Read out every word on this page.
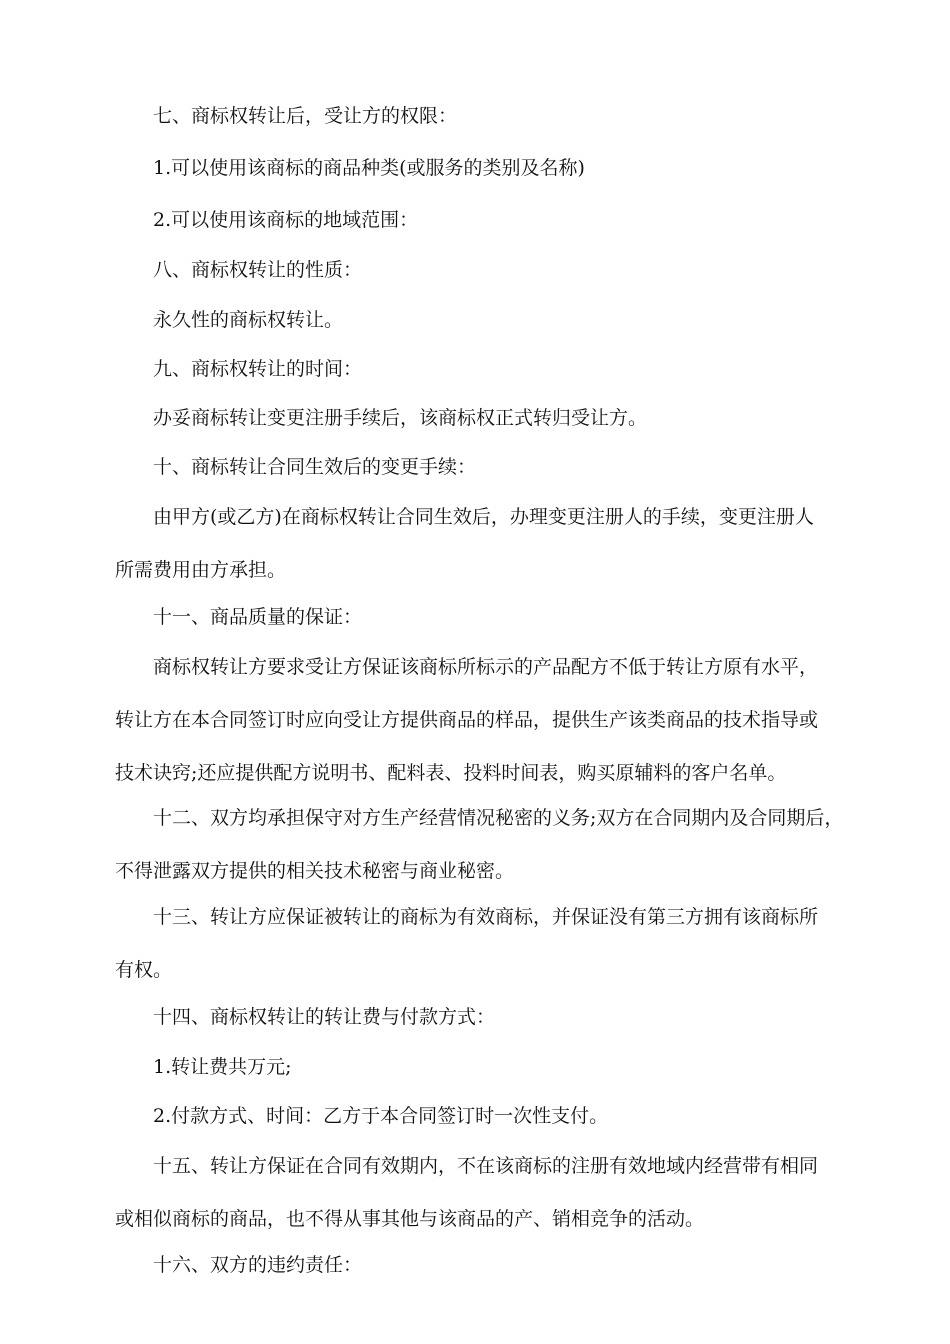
七、商标权转让后，受让方的权限：
1.可以使用该商标的商品种类(或服务的类别及名称)
2.可以使用该商标的地域范围：
八、商标权转让的性质：
永久性的商标权转让。
九、商标权转让的时间：
办妥商标转让变更注册手续后，该商标权正式转归受让方。
十、商标转让合同生效后的变更手续：
由甲方(或乙方)在商标权转让合同生效后，办理变更注册人的手续，变更注册人
所需费用由方承担。
十一、商品质量的保证：
商标权转让方要求受让方保证该商标所标示的产品配方不低于转让方原有水平，
转让方在本合同签订时应向受让方提供商品的样品，提供生产该类商品的技术指导或
技术诀窍;还应提供配方说明书、配料表、投料时间表，购买原辅料的客户名单。
十二、双方均承担保守对方生产经营情况秘密的义务;双方在合同期内及合同期后，
不得泄露双方提供的相关技术秘密与商业秘密。
十三、转让方应保证被转让的商标为有效商标，并保证没有第三方拥有该商标所
有权。
十四、商标权转让的转让费与付款方式：
1.转让费共万元;
2.付款方式、时间：乙方于本合同签订时一次性支付。
十五、转让方保证在合同有效期内，不在该商标的注册有效地域内经营带有相同
或相似商标的商品，也不得从事其他与该商品的产、销相竞争的活动。
十六、双方的违约责任：
